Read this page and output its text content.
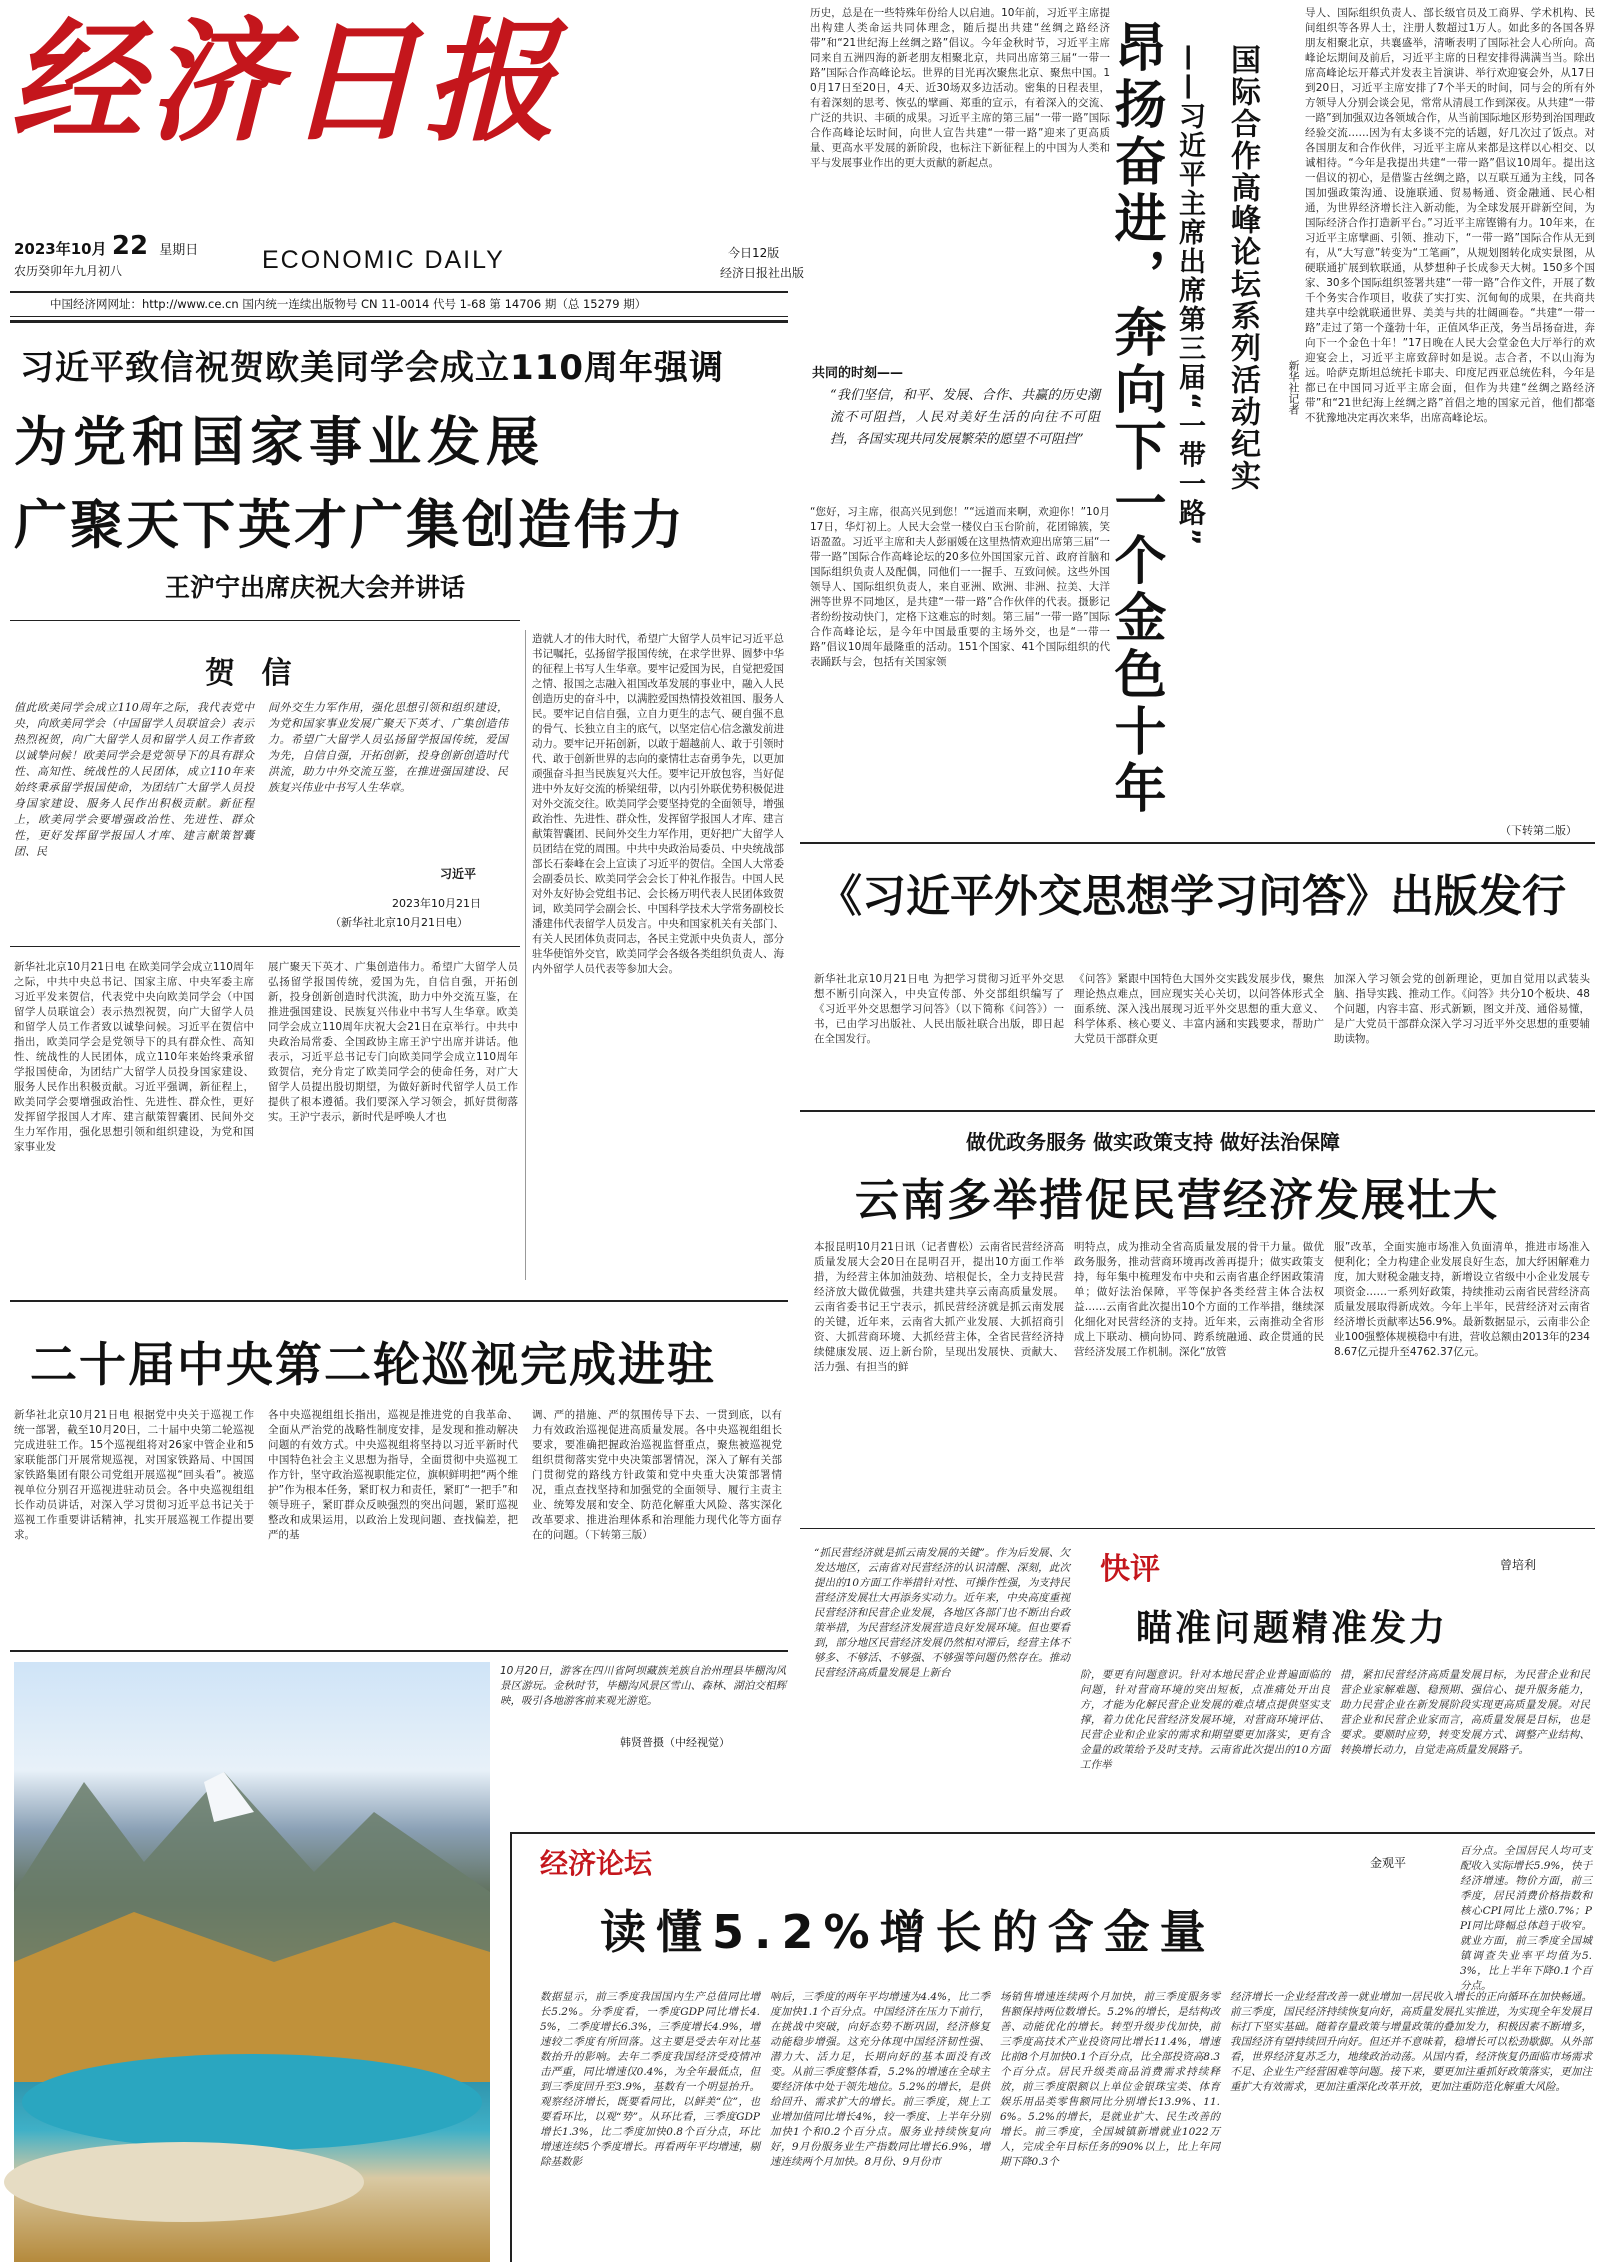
经济日报
2023年10月 22 星期日
农历癸卯年九月初八	ECONOMIC DAILY	今日12版
经济日报社出版
中国经济网网址：http://www.ce.cn 国内统一连续出版物号 CN 11-0014 代号 1-68 第 14706 期（总 15279 期）
习近平致信祝贺欧美同学会成立110周年强调
为党和国家事业发展
广聚天下英才广集创造伟力
王沪宁出席庆祝大会并讲话
贺 信
值此欧美同学会成立110周年之际，我代表党中央，向欧美同学会（中国留学人员联谊会）表示热烈祝贺，向广大留学人员和留学人员工作者致以诚挚问候！欧美同学会是党领导下的具有群众性、高知性、统战性的人民团体，成立110年来始终秉承留学报国使命，为团结广大留学人员投身国家建设、服务人民作出积极贡献。新征程上，欧美同学会要增强政治性、先进性、群众性，更好发挥留学报国人才库、建言献策智囊团、民
间外交生力军作用，强化思想引领和组织建设，为党和国家事业发展广聚天下英才、广集创造伟力。希望广大留学人员弘扬留学报国传统，爱国为先，自信自强，开拓创新，投身创新创造时代洪流，助力中外交流互鉴，在推进强国建设、民族复兴伟业中书写人生华章。
习近平
2023年10月21日
（新华社北京10月21日电）
新华社北京10月21日电 在欧美同学会成立110周年之际，中共中央总书记、国家主席、中央军委主席习近平发来贺信，代表党中央向欧美同学会（中国留学人员联谊会）表示热烈祝贺，向广大留学人员和留学人员工作者致以诚挚问候。习近平在贺信中指出，欧美同学会是党领导下的具有群众性、高知性、统战性的人民团体，成立110年来始终秉承留学报国使命，为团结广大留学人员投身国家建设、服务人民作出积极贡献。习近平强调，新征程上，欧美同学会要增强政治性、先进性、群众性，更好发挥留学报国人才库、建言献策智囊团、民间外交生力军作用，强化思想引领和组织建设，为党和国家事业发
展广聚天下英才、广集创造伟力。希望广大留学人员弘扬留学报国传统，爱国为先，自信自强，开拓创新，投身创新创造时代洪流，助力中外交流互鉴，在推进强国建设、民族复兴伟业中书写人生华章。欧美同学会成立110周年庆祝大会21日在京举行。中共中央政治局常委、全国政协主席王沪宁出席并讲话。他表示，习近平总书记专门向欧美同学会成立110周年致贺信，充分肯定了欧美同学会的使命任务，对广大留学人员提出殷切期望，为做好新时代留学人员工作提供了根本遵循。我们要深入学习领会，抓好贯彻落实。王沪宁表示，新时代是呼唤人才也
造就人才的伟大时代，希望广大留学人员牢记习近平总书记嘱托，弘扬留学报国传统，在求学世界、圆梦中华的征程上书写人生华章。要牢记爱国为民，自觉把爱国之情、报国之志融入祖国改革发展的事业中，融入人民创造历史的奋斗中，以满腔爱国热情投效祖国、服务人民。要牢记自信自强，立自力更生的志气、硬自强不息的骨气、长独立自主的底气，以坚定信心信念激发前进动力。要牢记开拓创新，以敢于超越前人、敢于引领时代、敢于创新世界的志向的豪情壮志奋勇争先，以更加顽强奋斗担当民族复兴大任。要牢记开放包容，当好促进中外友好交流的桥梁纽带，以内引外联优势积极促进对外交流交往。欧美同学会要坚持党的全面领导，增强政治性、先进性、群众性，发挥留学报国人才库、建言献策智囊团、民间外交生力军作用，更好把广大留学人员团结在党的周围。中共中央政治局委员、中央统战部部长石泰峰在会上宣读了习近平的贺信。全国人大常委会副委员长、欧美同学会会长丁仲礼作报告。中国人民对外友好协会党组书记、会长杨万明代表人民团体致贺词，欧美同学会副会长、中国科学技术大学常务副校长潘建伟代表留学人员发言。中央和国家机关有关部门、有关人民团体负责同志，各民主党派中央负责人，部分驻华使馆外交官，欧美同学会各级各类组织负责人、海内外留学人员代表等参加大会。
二十届中央第二轮巡视完成进驻
新华社北京10月21日电 根据党中央关于巡视工作统一部署，截至10月20日，二十届中央第二轮巡视完成进驻工作。15个巡视组将对26家中管企业和5家联能部门开展常规巡视，对国家铁路局、中国国家铁路集团有限公司党组开展巡视“回头看”。被巡视单位分别召开巡视进驻动员会。各中央巡视组组长作动员讲话，对深入学习贯彻习近平总书记关于巡视工作重要讲话精神，扎实开展巡视工作提出要求。
各中央巡视组组长指出，巡视是推进党的自我革命、全面从严治党的战略性制度安排，是发现和推动解决问题的有效方式。中央巡视组将坚持以习近平新时代中国特色社会主义思想为指导，全面贯彻中央巡视工作方针，坚守政治巡视职能定位，旗帜鲜明把“两个维护”作为根本任务，紧盯权力和责任，紧盯“一把手”和领导班子，紧盯群众反映强烈的突出问题，紧盯巡视整改和成果运用，以政治上发现问题、查找偏差，把严的基
调、严的措施、严的氛围传导下去、一贯到底，以有力有效政治巡视促进高质量发展。各中央巡视组组长要求，要准确把握政治巡视监督重点，聚焦被巡视党组织贯彻落实党中央决策部署情况，深入了解有关部门贯彻党的路线方针政策和党中央重大决策部署情况，重点查找坚持和加强党的全面领导、履行主责主业、统筹发展和安全、防范化解重大风险、落实深化改革要求、推进治理体系和治理能力现代化等方面存在的问题。（下转第三版）
10月20日，游客在四川省阿坝藏族羌族自治州理县毕棚沟风景区游玩。金秋时节，毕棚沟风景区雪山、森林、湖泊交相辉映，吸引各地游客前来观光游览。
韩贤普摄（中经视觉）
历史，总是在一些特殊年份给人以启迪。10年前，习近平主席提出构建人类命运共同体理念，随后提出共建“丝绸之路经济带”和“21世纪海上丝绸之路”倡议。今年金秋时节，习近平主席同来自五洲四海的新老朋友相聚北京，共同出席第三届“一带一路”国际合作高峰论坛。世界的目光再次聚焦北京、聚焦中国。10月17日至20日，4天、近30场双多边活动。密集的日程表里，有着深刻的思考、恢弘的擘画、郑重的宣示，有着深入的交流、广泛的共识、丰硕的成果。习近平主席的第三届“一带一路”国际合作高峰论坛时间，向世人宣告共建“一带一路”迎来了更高质量、更高水平发展的新阶段，也标注下新征程上的中国为人类和平与发展事业作出的更大贡献的新起点。
共同的时刻——
“我们坚信，和平、发展、合作、共赢的历史潮流不可阻挡，人民对美好生活的向往不可阻挡，各国实现共同发展繁荣的愿望不可阻挡”
“您好，习主席，很高兴见到您！”“远道而来啊，欢迎你！”10月17日，华灯初上。人民大会堂一楼仪白玉台阶前，花团锦簇，笑语盈盈。习近平主席和夫人彭丽媛在这里热情欢迎出席第三届“一带一路”国际合作高峰论坛的20多位外国国家元首、政府首脑和国际组织负责人及配偶，同他们一一握手、互致问候。这些外国领导人、国际组织负责人，来自亚洲、欧洲、非洲、拉美、大洋洲等世界不同地区，是共建“一带一路”合作伙伴的代表。摄影记者纷纷按动快门，定格下这难忘的时刻。第三届“一带一路”国际合作高峰论坛，是今年中国最重要的主场外交，也是“一带一路”倡议10周年最隆重的活动。151个国家、41个国际组织的代表踊跃与会，包括有关国家领
国际合作高峰论坛系列活动纪实
——习近平主席出席第三届“一带一路”
昂扬奋进，奔向下一个金色十年	新华社记者
导人、国际组织负责人、部长级官员及工商界、学术机构、民间组织等各界人士，注册人数超过1万人。如此多的各国各界朋友相聚北京，共襄盛举，清晰表明了国际社会人心所向。高峰论坛期间及前后，习近平主席的日程安排得满满当当。除出席高峰论坛开幕式并发表主旨演讲、举行欢迎宴会外，从17日到20日，习近平主席安排了7个半天的时间，同与会的所有外方领导人分别会谈会见，常常从清晨工作到深夜。从共建“一带一路”到加强双边各领域合作，从当前国际地区形势到治国理政经验交流……因为有太多谈不完的话题，好几次过了饭点。对各国朋友和合作伙伴，习近平主席从来都是这样以心相交、以诚相待。“今年是我提出共建“一带一路”倡议10周年。提出这一倡议的初心，是借鉴古丝绸之路，以互联互通为主线，同各国加强政策沟通、设施联通、贸易畅通、资金融通、民心相通，为世界经济增长注入新动能，为全球发展开辟新空间，为国际经济合作打造新平台。”习近平主席铿锵有力。10年来，在习近平主席擘画、引领、推动下，“一带一路”国际合作从无到有，从“大写意”转变为“工笔画”，从规划图转化成实景图，从硬联通扩展到软联通，从梦想种子长成参天大树。150多个国家、30多个国际组织签署共建“一带一路”合作文件，开展了数千个务实合作项目，收获了实打实、沉甸甸的成果，在共商共建共享中绘就联通世界、美美与共的壮阔画卷。“共建“一带一路”走过了第一个蓬勃十年，正值风华正茂，务当昂扬奋进，奔向下一个金色十年！”17日晚在人民大会堂金色大厅举行的欢迎宴会上，习近平主席致辞时如是说。志合者，不以山海为远。哈萨克斯坦总统托卡耶夫、印度尼西亚总统佐科，今年是都已在中国同习近平主席会面，但作为共建“丝绸之路经济带”和“21世纪海上丝绸之路”首倡之地的国家元首，他们都毫不犹豫地决定再次来华，出席高峰论坛。
（下转第二版）
《习近平外交思想学习问答》出版发行
新华社北京10月21日电 为把学习贯彻习近平外交思想不断引向深入，中央宣传部、外交部组织编写了《习近平外交思想学习问答》（以下简称《问答》）一书，已由学习出版社、人民出版社联合出版，即日起在全国发行。
《问答》紧跟中国特色大国外交实践发展步伐，聚焦理论热点难点，回应现实关心关切，以问答体形式全面系统、深入浅出展现习近平外交思想的重大意义、科学体系、核心要义、丰富内涵和实践要求，帮助广大党员干部群众更
加深入学习领会党的创新理论，更加自觉用以武装头脑、指导实践、推动工作。《问答》共分10个板块、48个问题，内容丰富、形式新颖，图文并茂、通俗易懂，是广大党员干部群众深入学习习近平外交思想的重要辅助读物。
做优政务服务 做实政策支持 做好法治保障
云南多举措促民营经济发展壮大
本报昆明10月21日讯（记者曹松）云南省民营经济高质量发展大会20日在昆明召开，提出10方面工作举措，为经营主体加油鼓劲、培根促长，全力支持民营经济放大做优做强，共建共建共享云南高质量发展。云南省委书记王宁表示，抓民营经济就是抓云南发展的关键，近年来，云南省大抓产业发展、大抓招商引资、大抓营商环境、大抓经营主体，全省民营经济持续健康发展、迈上新台阶，呈现出发展快、贡献大、活力强、有担当的鲜
明特点，成为推动全省高质量发展的骨干力量。做优政务服务，推动营商环境再改善再提升；做实政策支持，每年集中梳理发布中央和云南省惠企纾困政策清单；做好法治保障，平等保护各类经营主体合法权益……云南省此次提出10个方面的工作举措，继续深化细化对民营经济的支持。近年来，云南推动全省形成上下联动、横向协同、跨系统融通、政企贯通的民营经济发展工作机制。深化“放管
服”改革，全面实施市场准入负面清单，推进市场准入便利化；全力构建企业发展良好生态，加大纾困解难力度，加大财税金融支持，新增设立省级中小企业发展专项资金……一系列好政策，持续推动云南省民营经济高质量发展取得新成效。今年上半年，民营经济对云南省经济增长贡献率达56.9%。最新数据显示，云南非公企业100强整体规模稳中有进，营收总额由2013年的2348.67亿元提升至4762.37亿元。
“抓民营经济就是抓云南发展的关键”。作为后发展、欠发达地区，云南省对民营经济的认识清醒、深刻，此次提出的10方面工作举措针对性、可操作性强，为支持民营经济发展壮大再添务实动力。近年来，中央高度重视民营经济和民营企业发展，各地区各部门也不断出台政策举措，为民营经济发展营造良好发展环境。但也要看到，部分地区民营经济发展仍然相对滞后，经营主体不够多、不够活、不够强、不够强等问题仍然存在。推动民营经济高质量发展是上新台
快评	曾培利
瞄准问题精准发力
阶，要更有问题意识。针对本地民营企业普遍面临的问题，针对营商环境的突出短板，点准痛处开出良方，才能为化解民营企业发展的难点堵点提供坚实支撑，着力优化民营经济发展环境，对营商环境评估、民营企业和企业家的需求和期望要更加落实，更有含金量的政策给予及时支持。云南省此次提出的10方面工作举
措，紧扣民营经济高质量发展目标，为民营企业和民营企业家解难题、稳预期、强信心、提升服务能力，助力民营企业在新发展阶段实现更高质量发展。对民营企业和民营企业家而言，高质量发展是目标，也是要求。要顺时应势，转变发展方式、调整产业结构、转换增长动力，自觉走高质量发展路子。
经济论坛	金观平
读懂5.2%增长的含金量
百分点。全国居民人均可支配收入实际增长5.9%，快于经济增速。物价方面，前三季度，居民消费价格指数和核心CPI同比上涨0.7%；PPI同比降幅总体趋于收窄。就业方面，前三季度全国城镇调查失业率平均值为5.3%，比上半年下降0.1个百分点。
数据显示，前三季度我国国内生产总值同比增长5.2%。分季度看，一季度GDP同比增长4.5%，二季度增长6.3%，三季度增长4.9%，增速较二季度有所回落。这主要是受去年对比基数抬升的影响。去年二季度我国经济受疫情冲击严重，同比增速仅0.4%，为全年最低点，但到三季度回升至3.9%，基数有一个明显抬升。观察经济增长，既要看同比，以鲜美“位”，也要看环比，以观“势”。从环比看，三季度GDP增长1.3%，比二季度加快0.8个百分点，环比增速连续5个季度增长。再看两年平均增速，剔除基数影
响后，三季度的两年平均增速为4.4%，比二季度加快1.1个百分点。中国经济在压力下前行，在挑战中突破，向好态势不断巩固，经济修复动能稳步增强。这充分体现中国经济韧性强、潜力大、活力足，长期向好的基本面没有改变。从前三季度整体看，5.2%的增速在全球主要经济体中处于领先地位。5.2%的增长，是供给回升、需求扩大的增长。前三季度，规上工业增加值同比增长4%，较一季度、上半年分别加快1个和0.2个百分点。服务业持续恢复向好，9月份服务业生产指数同比增长6.9%，增速连续两个月加快。8月份、9月份市
场销售增速连续两个月加快，前三季度服务零售额保持两位数增长。5.2%的增长，是结构改善、动能优化的增长。转型升级步伐加快，前三季度高技术产业投资同比增长11.4%，增速比前8个月加快0.1个百分点，比全部投资高8.3个百分点。居民升级类商品消费需求持续释放，前三季度限额以上单位金银珠宝类、体育娱乐用品类零售额同比分别增长13.9%、11.6%。5.2%的增长，是就业扩大、民生改善的增长。前三季度，全国城镇新增就业1022万人，完成全年目标任务的90%以上，比上年同期下降0.3个
经济增长一企业经营改善一就业增加一居民收入增长的正向循环在加快畅通。前三季度，国民经济持续恢复向好，高质量发展扎实推进，为实现全年发展目标打下坚实基础。随着存量政策与增量政策的叠加发力，积极因素不断增多，我国经济有望持续回升向好。但还并不意味着，稳增长可以松劲歇脚。从外部看，世界经济复苏乏力，地缘政治动荡。从国内看，经济恢复仍面临市场需求不足、企业生产经营困难等问题。接下来，要更加注重抓好政策落实，更加注重扩大有效需求，更加注重深化改革开放，更加注重防范化解重大风险。
